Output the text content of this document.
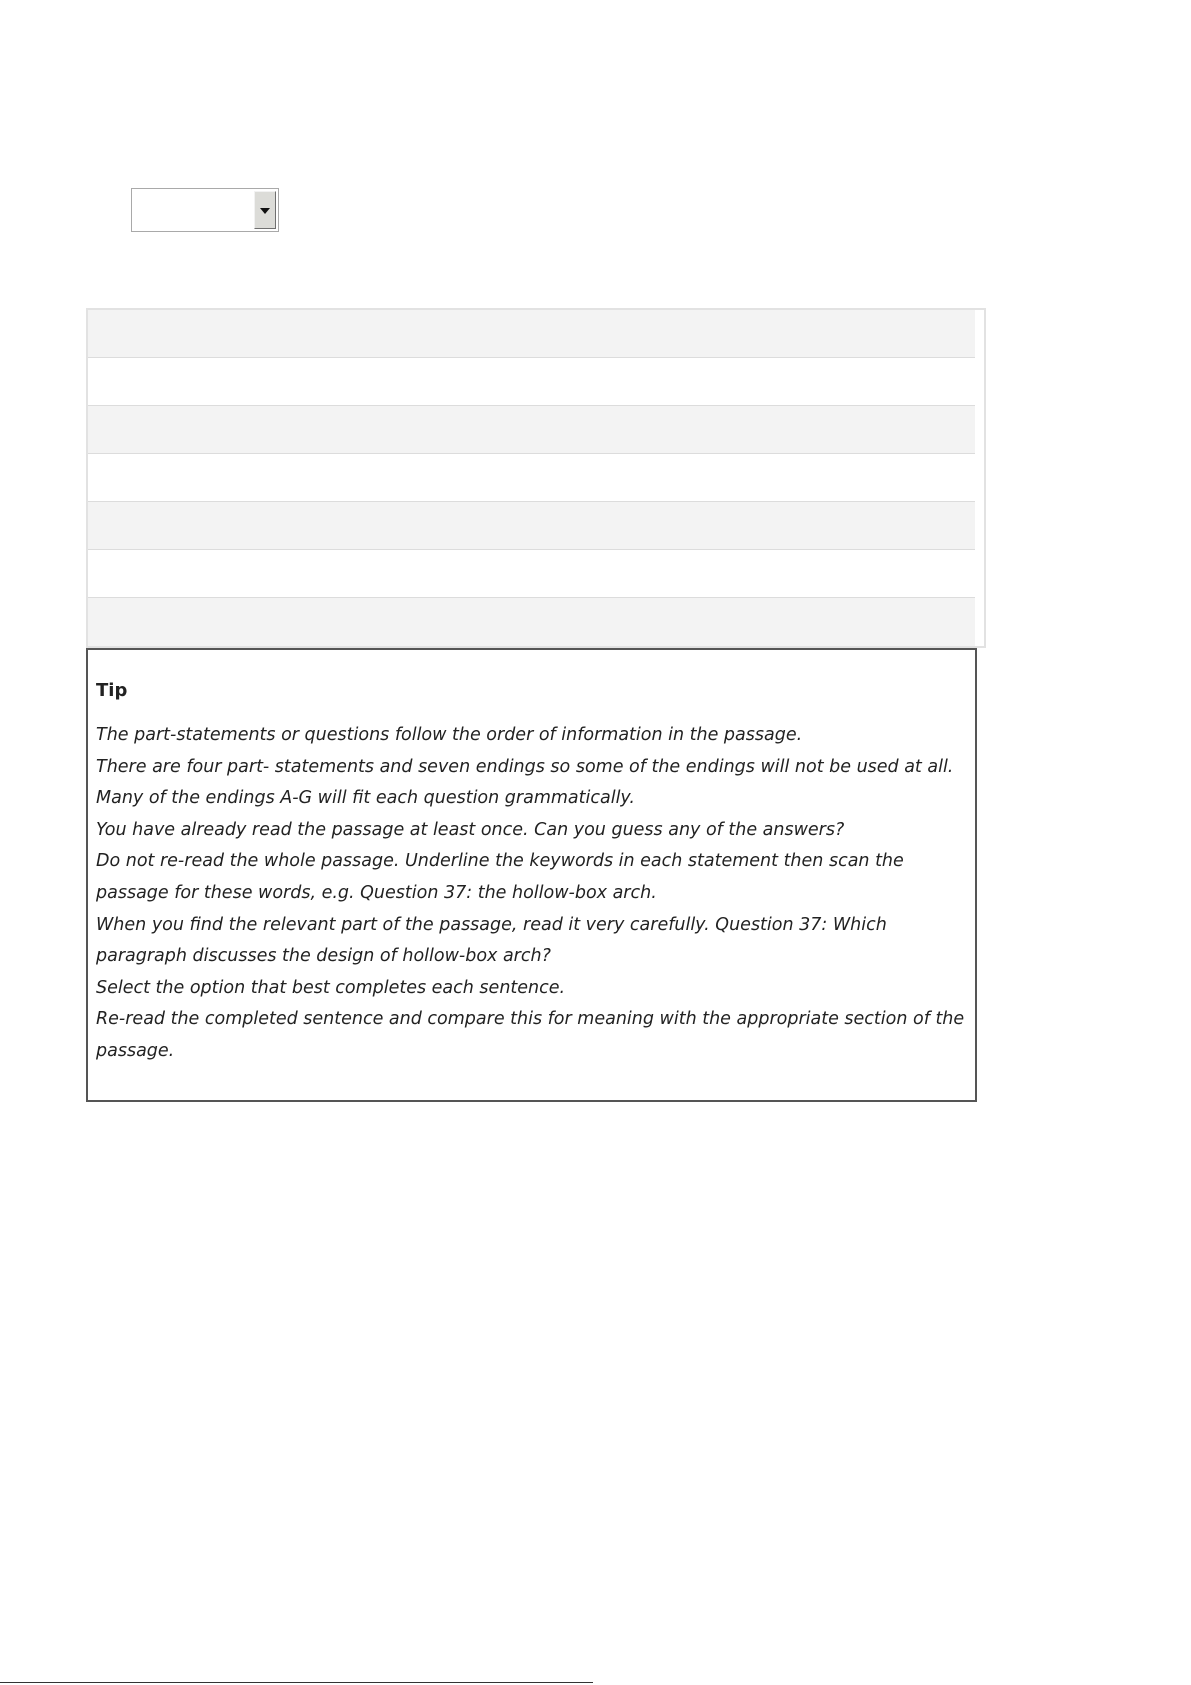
Tip
The part-statements or questions follow the order of information in the passage.
There are four part- statements and seven endings so some of the endings will not be used at all.
Many of the endings A-G will fit each question grammatically.
You have already read the passage at least once. Can you guess any of the answers?
Do not re-read the whole passage. Underline the keywords in each statement then scan the passage for these words, e.g. Question 37: the hollow-box arch.
When you find the relevant part of the passage, read it very carefully. Question 37: Which paragraph discusses the design of hollow-box arch?
Select the option that best completes each sentence.
Re-read the completed sentence and compare this for meaning with the appropriate section of the passage.
